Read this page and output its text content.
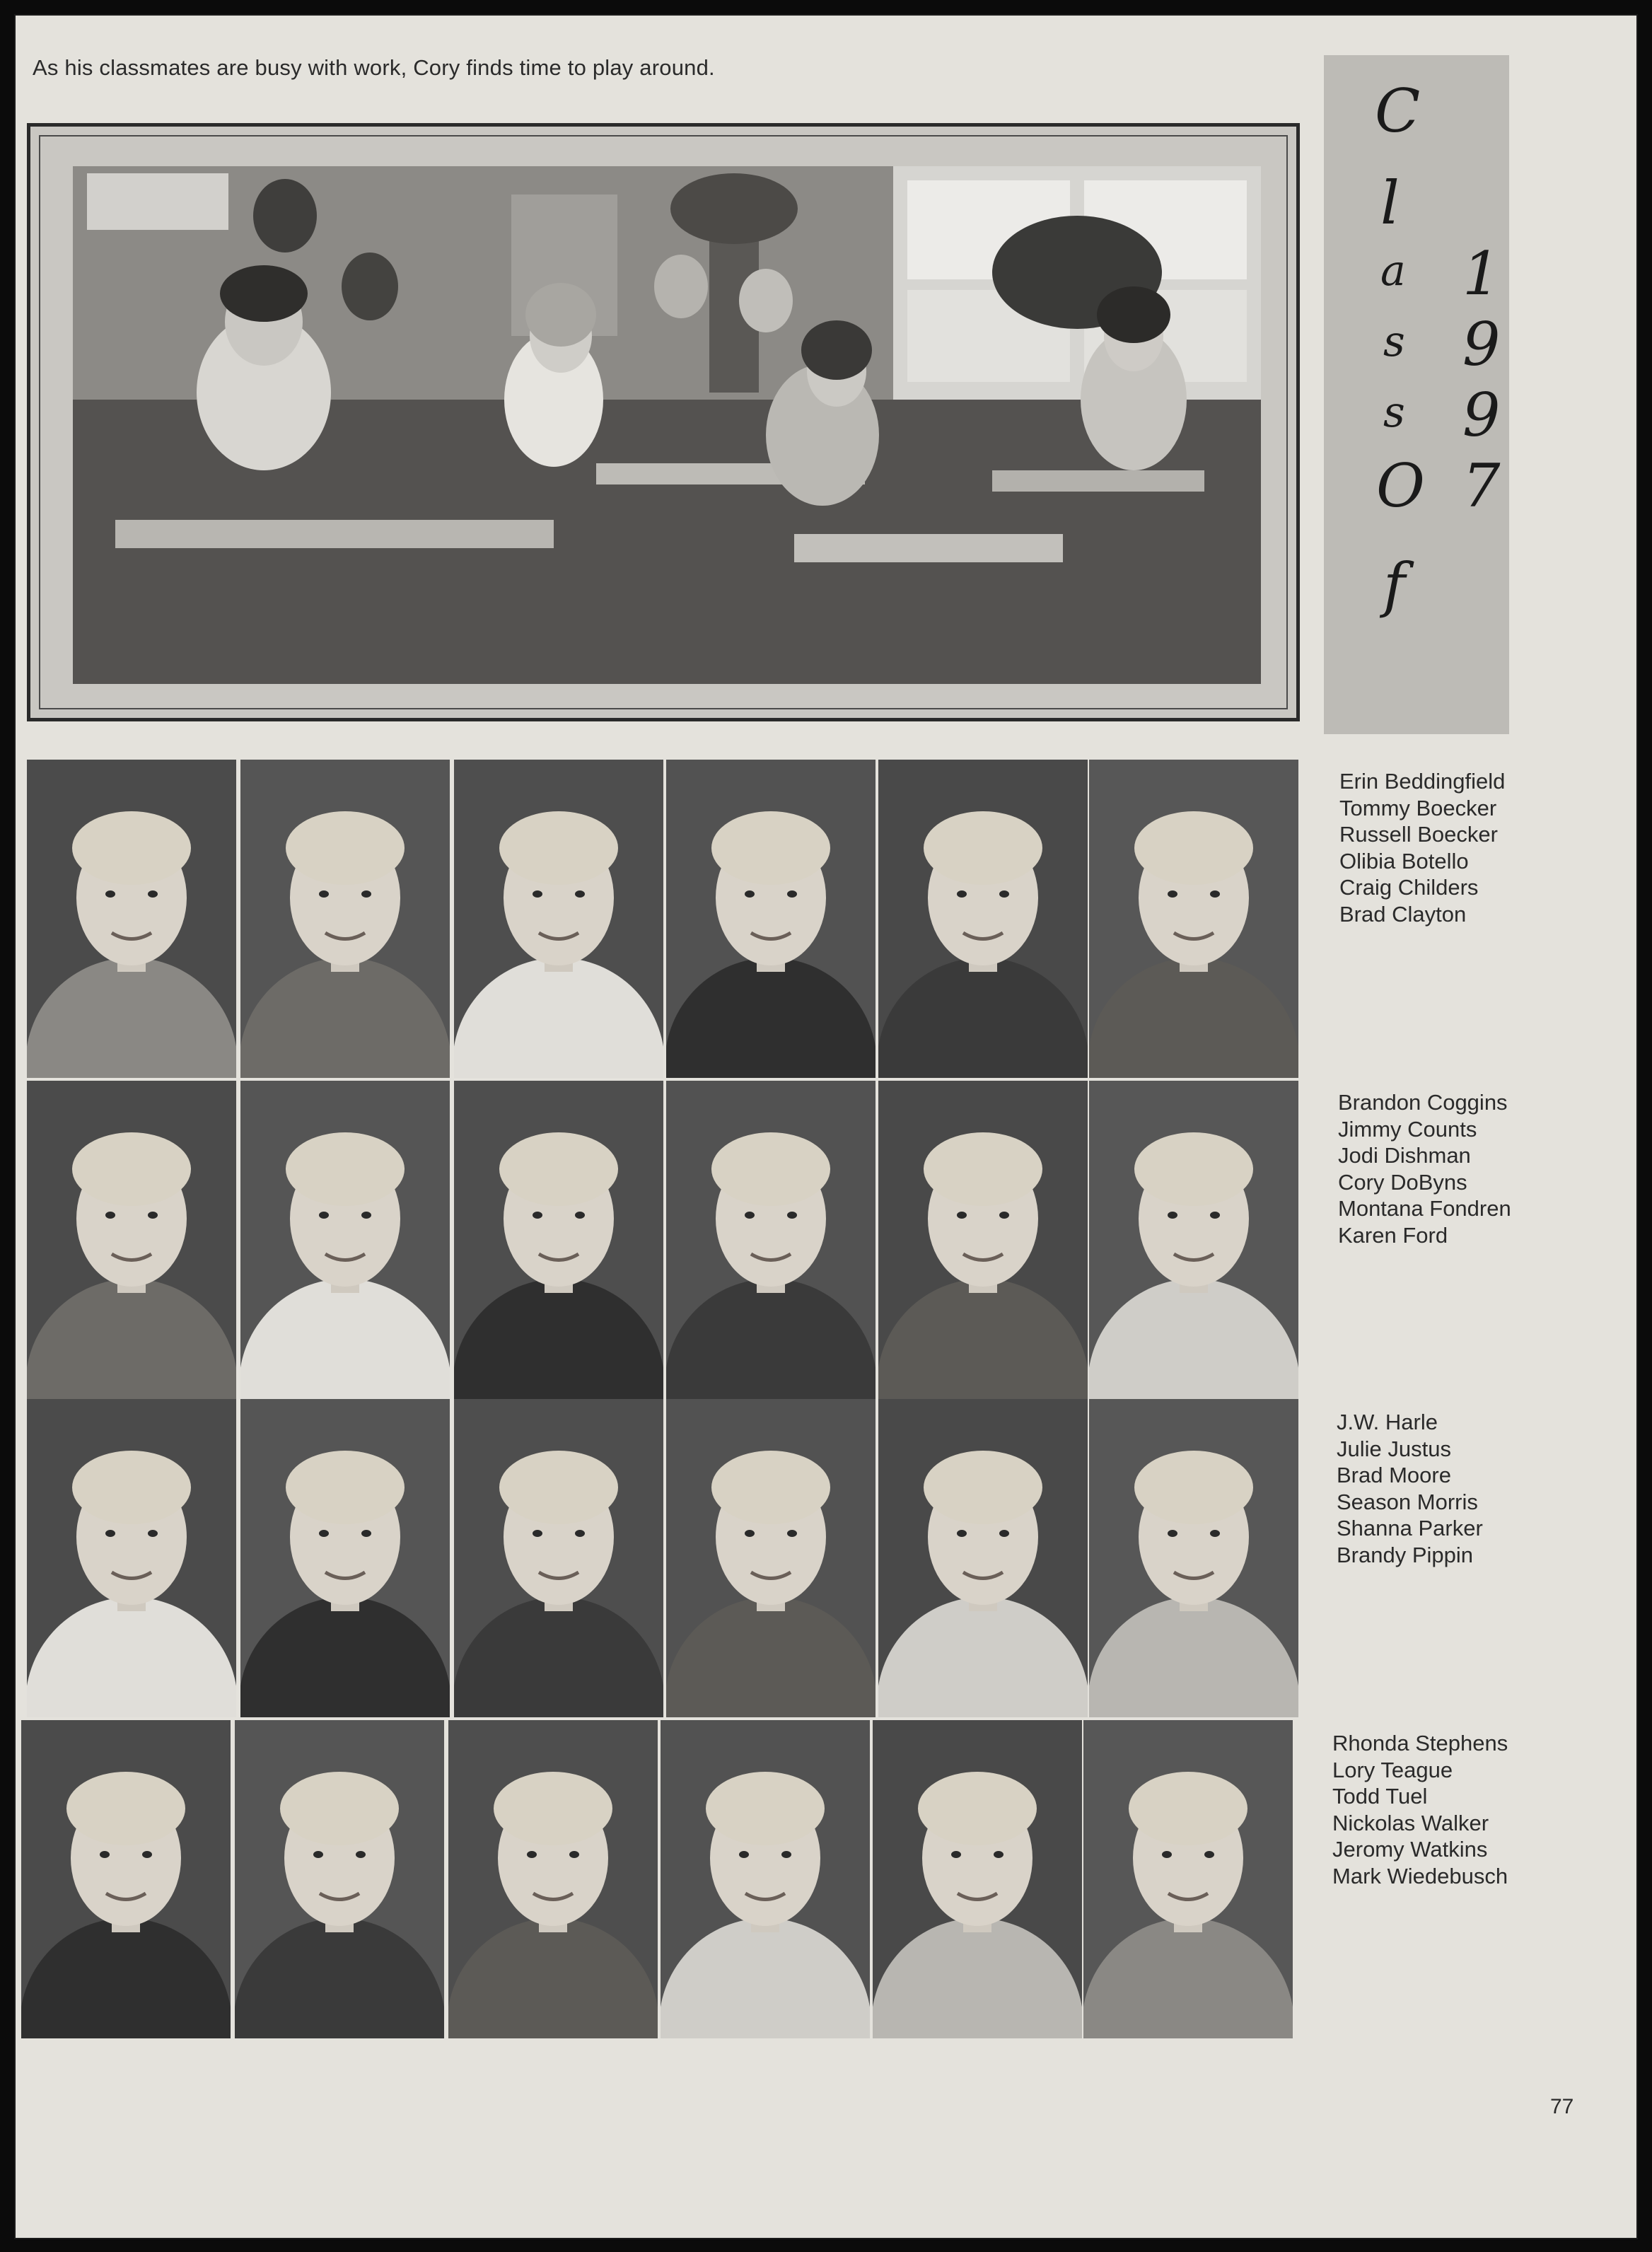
As his classmates are busy with work, Cory finds time to play around.
C
l
a
s
s
O
f
1
9
9
7
Erin Beddingfield
Tommy Boecker
Russell Boecker
Olibia Botello
Craig Childers
Brad Clayton
Brandon Coggins
Jimmy Counts
Jodi Dishman
Cory DoByns
Montana Fondren
Karen Ford
J.W. Harle
Julie Justus
Brad Moore
Season Morris
Shanna Parker
Brandy Pippin
Rhonda Stephens
Lory Teague
Todd Tuel
Nickolas Walker
Jeromy Watkins
Mark Wiedebusch
77
